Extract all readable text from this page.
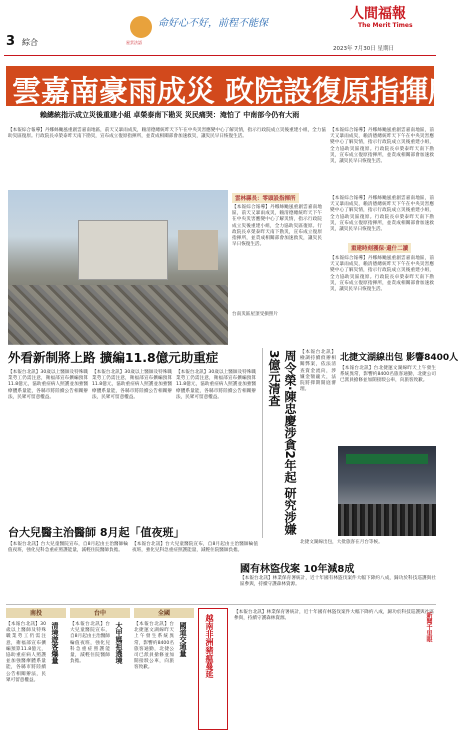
3 綜合	星雲法語
命好心不好，前程不能保
人間福報
The Merit Times
2023年 7月30日 星期日
雲嘉南豪雨成災 政院設復原指揮所
賴總統指示成立災後重建小組 卓榮泰南下勘災 災民痛哭：淹怕了 中南部今仍有大雨
【本報綜合報導】丹娜絲颱風重創雲嘉南地區，前天又暴雨成災，賴清德總統昨天下午在中央災害應變中心了解災情，指示行政院成立災後重建小組，全力協助災區復原。行政院長卓榮泰昨天南下勘災，宣布成立復原指揮所，並責成相關部會加速救災，讓災民早日恢復生活。
【本報綜合報導】丹娜絲颱風重創雲嘉南地區，前天又暴雨成災，賴清德總統昨天下午在中央災害應變中心了解災情，指示行政院成立災後重建小組，全力協助災區復原。行政院長卓榮泰昨天南下勘災，宣布成立復原指揮所，並責成相關部會加速救災，讓災民早日恢復生活。
雲林縣長：零頭設指揮所
【本報綜合報導】丹娜絲颱風重創雲嘉南地區，前天又暴雨成災，賴清德總統昨天下午在中央災害應變中心了解災情，指示行政院成立災後重建小組，全力協助災區復原。行政院長卓榮泰昨天南下勘災，宣布成立復原指揮所，並責成相關部會加速救災，讓災民早日恢復生活。
重建時刻獲保·還什二讀
【本報綜合報導】丹娜絲颱風重創雲嘉南地區，前天又暴雨成災，賴清德總統昨天下午在中央災害應變中心了解災情，指示行政院成立災後重建小組，全力協助災區復原。行政院長卓榮泰昨天南下勘災，宣布成立復原指揮所，並責成相關部會加速救災，讓災民早日恢復生活。
【本報綜合報導】丹娜絲颱風重創雲嘉南地區，前天又暴雨成災，賴清德總統昨天下午在中央災害應變中心了解災情，指示行政院成立災後重建小組，全力協助災區復原。行政院長卓榮泰昨天南下勘災，宣布成立復原指揮所，並責成相關部會加速救災，讓災民早日恢復生活。
台南災區屋頂受損照片
外看新制將上路 擴編11.8億元助重症
【本報台北訊】30歲以上醫師及特殊職業勞工仍需注意，衛福部宣布擴編預算11.8億元，協助重症病人照護並加強醫療體系量能，各縣市將陸續公告相關辦法，民眾可留意權益。
【本報台北訊】30歲以上醫師及特殊職業勞工仍需注意，衛福部宣布擴編預算11.8億元，協助重症病人照護並加強醫療體系量能，各縣市將陸續公告相關辦法，民眾可留意權益。
【本報台北訊】30歲以上醫師及特殊職業勞工仍需注意，衛福部宣布擴編預算11.8億元，協助重症病人照護並加強醫療體系量能，各縣市將陸續公告相關辦法，民眾可留意權益。	周令榮·陳忠慶涉貪2年起 研究涉嫌3億元清查	【本報台北訊】檢調持續偵辦相關弊案，依法清查資金流向，涉嫌金額龐大，法院將擇期開庭審理。
北捷文湖線出包 影響8400人
【本報台北訊】台北捷運文湖線昨天上午發生系統異常，影響約8400名旅客通勤，北捷公司已派員搶修並加開接駁公車，向旅客致歉。
北捷文湖線出包，大批旅客在月台等候。
台大兒醫主治醫師 8月起「值夜班」
【本報台北訊】台大兒童醫院宣布，自8月起由主治醫師輪值夜班，強化兒科急重症照護能量，減輕住院醫師負擔。
【本報台北訊】台大兒童醫院宣布，自8月起由主治醫師輪值夜班，強化兒科急重症照護能量，減輕住院醫師負擔。
國有林盜伐案 10年減8成
【本報台北訊】林業保育署統計，近十年國有林盜伐案件大幅下降約八成，歸功於科技巡護與社區參與，持續守護森林資源。
南投
清境遊客爆量
【本報台北訊】30歲以上醫師及特殊職業勞工仍需注意，衛福部宣布擴編預算11.8億元，協助重症病人照護並加強醫療體系量能，各縣市將陸續公告相關辦法，民眾可留意權益。
台中
大甲媽祖遶境
【本報台北訊】台大兒童醫院宣布，自8月起由主治醫師輪值夜班，強化兒科急重症照護能量，減輕住院醫師負擔。
全國
國道交通量
【本報台北訊】台北捷運文湖線昨天上午發生系統異常，影響約8400名旅客通勤，北捷公司已派員搶修並加開接駁公車，向旅客致歉。	越南非洲豬瘟蔓延
【本報台北訊】林業保育署統計，近十年國有林盜伐案件大幅下降約八成，歸功於科技巡護與社區參與，持續守護森林資源。	新聞千里眼
